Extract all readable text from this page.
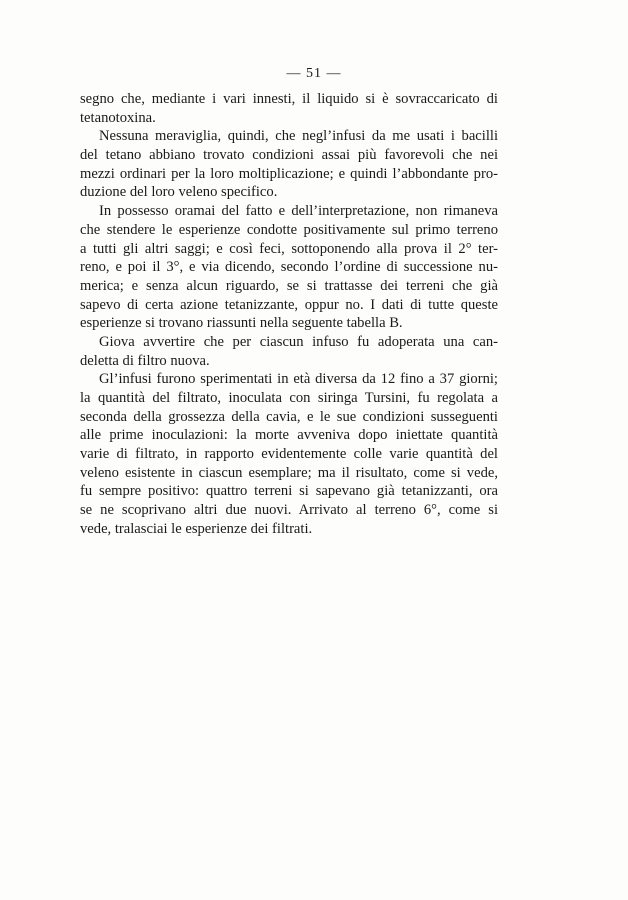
— 51 —
segno che, mediante i vari innesti, il liquido si è sovraccaricato di
tetanotoxina.
Nessuna meraviglia, quindi, che negl’infusi da me usati i bacilli
del tetano abbiano trovato condizioni assai più favorevoli che nei
mezzi ordinari per la loro moltiplicazione; e quindi l’abbondante pro-
duzione del loro veleno specifico.
In possesso oramai del fatto e dell’interpretazione, non rimaneva
che stendere le esperienze condotte positivamente sul primo terreno
a tutti gli altri saggi; e così feci, sottoponendo alla prova il 2° ter-
reno, e poi il 3°, e via dicendo, secondo l’ordine di successione nu-
merica; e senza alcun riguardo, se si trattasse dei terreni che già
sapevo di certa azione tetanizzante, oppur no. I dati di tutte queste
esperienze si trovano riassunti nella seguente tabella B.
Giova avvertire che per ciascun infuso fu adoperata una can-
deletta di filtro nuova.
Gl’infusi furono sperimentati in età diversa da 12 fino a 37 giorni;
la quantità del filtrato, inoculata con siringa Tursini, fu regolata a
seconda della grossezza della cavia, e le sue condizioni susseguenti
alle prime inoculazioni: la morte avveniva dopo iniettate quantità
varie di filtrato, in rapporto evidentemente colle varie quantità del
veleno esistente in ciascun esemplare; ma il risultato, come si vede,
fu sempre positivo: quattro terreni si sapevano già tetanizzanti, ora
se ne scoprivano altri due nuovi. Arrivato al terreno 6°, come si
vede, tralasciai le esperienze dei filtrati.
